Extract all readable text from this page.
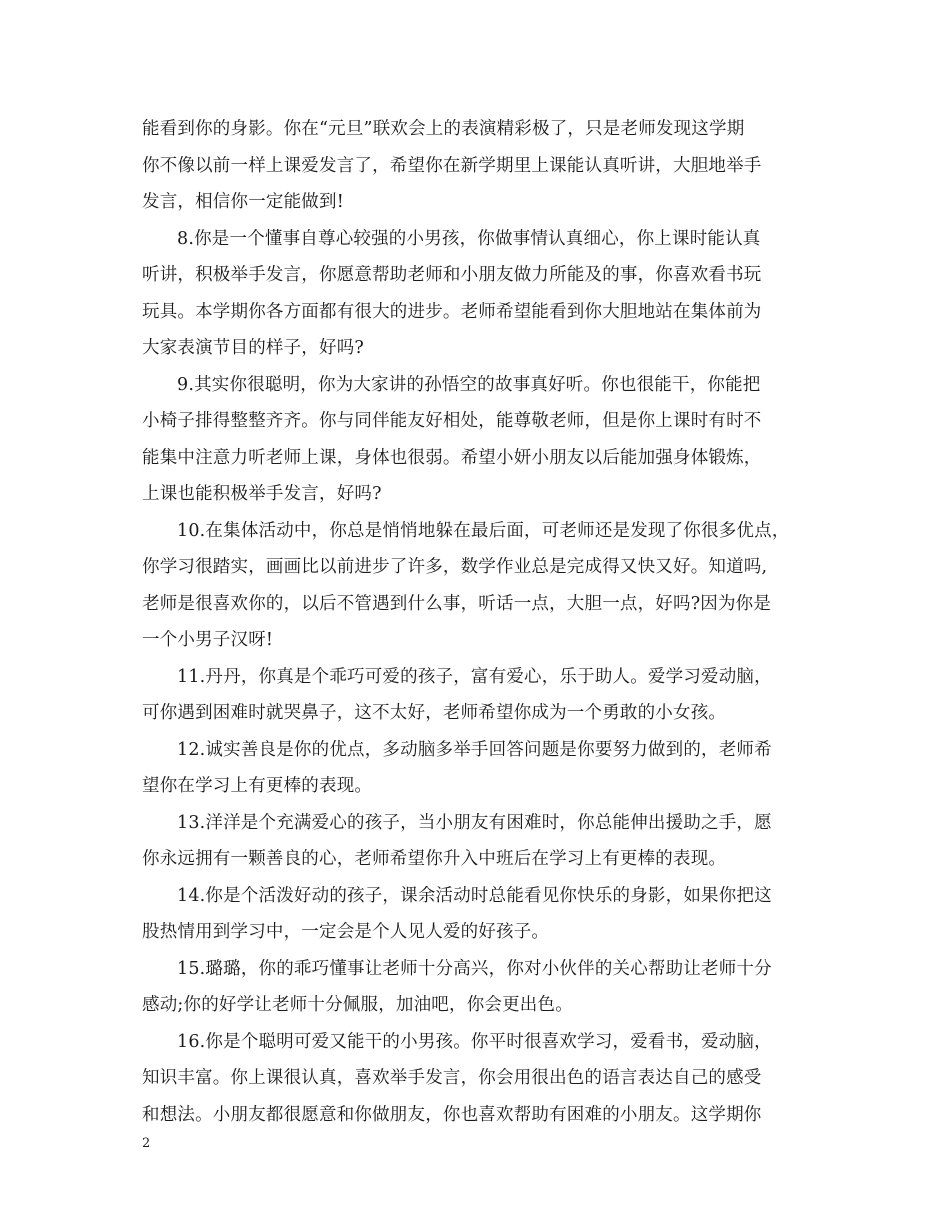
能看到你的身影。你在“元旦”联欢会上的表演精彩极了，只是老师发现这学期
你不像以前一样上课爱发言了，希望你在新学期里上课能认真听讲，大胆地举手
发言，相信你一定能做到!
8.你是一个懂事自尊心较强的小男孩，你做事情认真细心，你上课时能认真
听讲，积极举手发言，你愿意帮助老师和小朋友做力所能及的事，你喜欢看书玩
玩具。本学期你各方面都有很大的进步。老师希望能看到你大胆地站在集体前为
大家表演节目的样子，好吗?
9.其实你很聪明，你为大家讲的孙悟空的故事真好听。你也很能干，你能把
小椅子排得整整齐齐。你与同伴能友好相处，能尊敬老师，但是你上课时有时不
能集中注意力听老师上课，身体也很弱。希望小妍小朋友以后能加强身体锻炼，
上课也能积极举手发言，好吗?
10.在集体活动中，你总是悄悄地躲在最后面，可老师还是发现了你很多优点，
你学习很踏实，画画比以前进步了许多，数学作业总是完成得又快又好。知道吗,
老师是很喜欢你的，以后不管遇到什么事，听话一点，大胆一点，好吗?因为你是
一个小男子汉呀!
11.丹丹，你真是个乖巧可爱的孩子，富有爱心，乐于助人。爱学习爱动脑，
可你遇到困难时就哭鼻子，这不太好，老师希望你成为一个勇敢的小女孩。
12.诚实善良是你的优点，多动脑多举手回答问题是你要努力做到的，老师希
望你在学习上有更棒的表现。
13.洋洋是个充满爱心的孩子，当小朋友有困难时，你总能伸出援助之手，愿
你永远拥有一颗善良的心，老师希望你升入中班后在学习上有更棒的表现。
14.你是个活泼好动的孩子，课余活动时总能看见你快乐的身影，如果你把这
股热情用到学习中，一定会是个人见人爱的好孩子。
15.璐璐，你的乖巧懂事让老师十分高兴，你对小伙伴的关心帮助让老师十分
感动;你的好学让老师十分佩服，加油吧，你会更出色。
16.你是个聪明可爱又能干的小男孩。你平时很喜欢学习，爱看书，爱动脑，
知识丰富。你上课很认真，喜欢举手发言，你会用很出色的语言表达自己的感受
和想法。小朋友都很愿意和你做朋友，你也喜欢帮助有困难的小朋友。这学期你
2
